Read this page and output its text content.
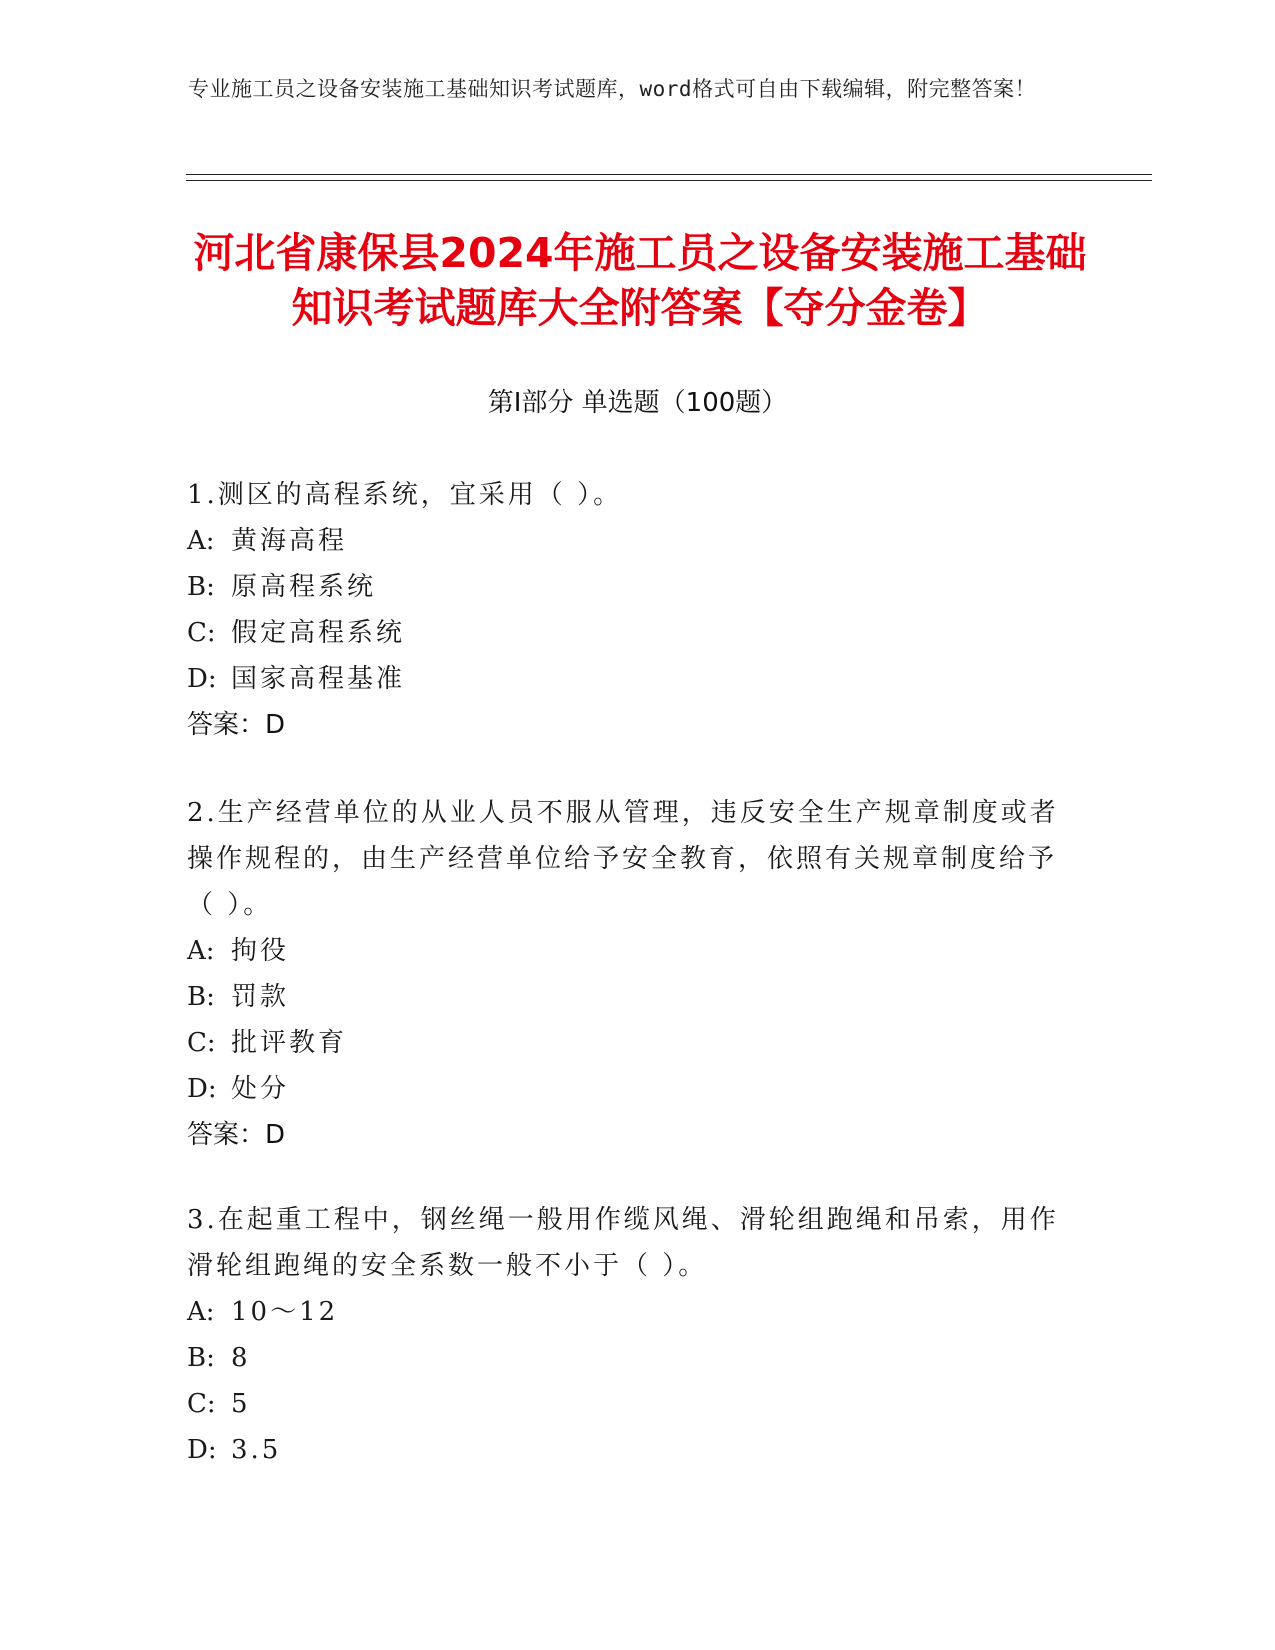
专业施工员之设备安装施工基础知识考试题库，word格式可自由下载编辑，附完整答案！
河北省康保县2024年施工员之设备安装施工基础知识考试题库大全附答案【夺分金卷】
第Ⅰ部分 单选题（100题）

1.测区的高程系统，宜采用（ ）。

A: 黄海高程

B: 原高程系统

C: 假定高程系统

D: 国家高程基准

答案：D

2.生产经营单位的从业人员不服从管理，违反安全生产规章制度或者操作规程的，由生产经营单位给予安全教育，依照有关规章制度给予（ ）。

A: 拘役

B: 罚款

C: 批评教育

D: 处分

答案：D

3.在起重工程中，钢丝绳一般用作缆风绳、滑轮组跑绳和吊索，用作滑轮组跑绳的安全系数一般不小于（ ）。

A: 10～12

B: 8

C: 5

D: 3.5
